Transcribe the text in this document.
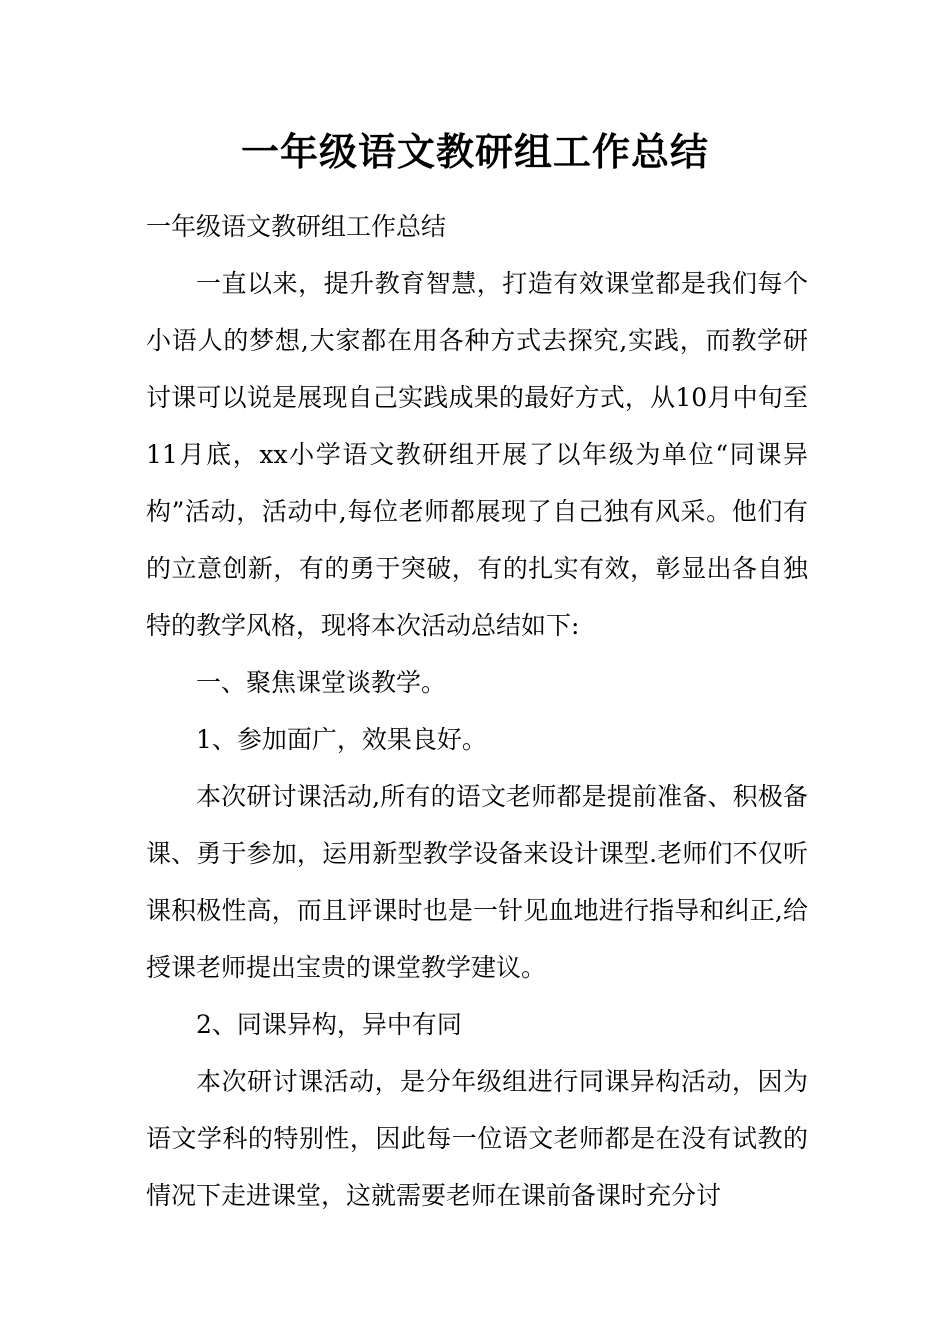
一年级语文教研组工作总结

一年级语文教研组工作总结

一直以来，提升教育智慧，打造有效课堂都是我们每个小语人的梦想,大家都在用各种方式去探究,实践，而教学研讨课可以说是展现自己实践成果的最好方式，从10月中旬至11月底，xx小学语文教研组开展了以年级为单位“同课异构”活动，活动中,每位老师都展现了自己独有风采。他们有的立意创新，有的勇于突破，有的扎实有效，彰显出各自独特的教学风格，现将本次活动总结如下:

一、聚焦课堂谈教学。

1、参加面广，效果良好。

本次研讨课活动,所有的语文老师都是提前准备、积极备课、勇于参加，运用新型教学设备来设计课型.老师们不仅听课积极性高，而且评课时也是一针见血地进行指导和纠正,给授课老师提出宝贵的课堂教学建议。

2、同课异构，异中有同

本次研讨课活动，是分年级组进行同课异构活动，因为语文学科的特别性，因此每一位语文老师都是在没有试教的情况下走进课堂，这就需要老师在课前备课时充分讨
